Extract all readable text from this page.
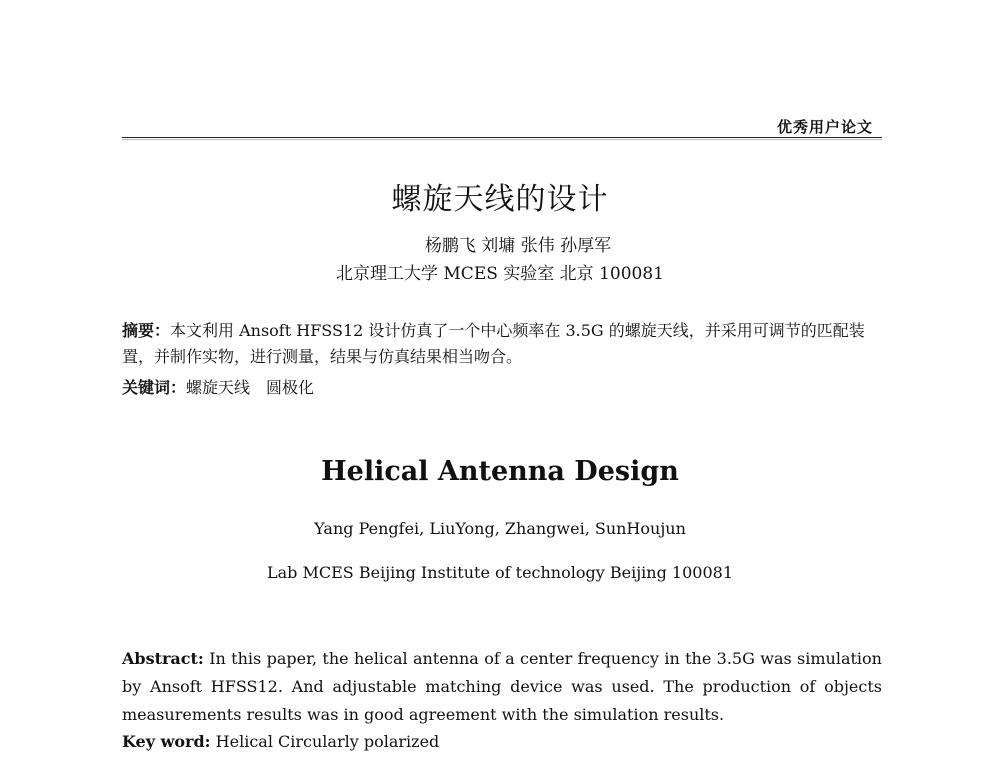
优秀用户论文
螺旋天线的设计
杨鹏飞 刘墉 张伟 孙厚军
北京理工大学 MCES 实验室 北京 100081
摘要：本文利用 Ansoft HFSS12 设计仿真了一个中心频率在 3.5G 的螺旋天线，并采用可调节的匹配装置，并制作实物，进行测量，结果与仿真结果相当吻合。
关键词：螺旋天线　圆极化
Helical Antenna Design
Yang Pengfei, LiuYong, Zhangwei, SunHoujun
Lab MCES Beijing Institute of technology Beijing 100081
Abstract: In this paper, the helical antenna of a center frequency in the 3.5G was simulation by Ansoft HFSS12. And adjustable matching device was used. The production of objects measurements results was in good agreement with the simulation results.
Key word: Helical Circularly polarized
